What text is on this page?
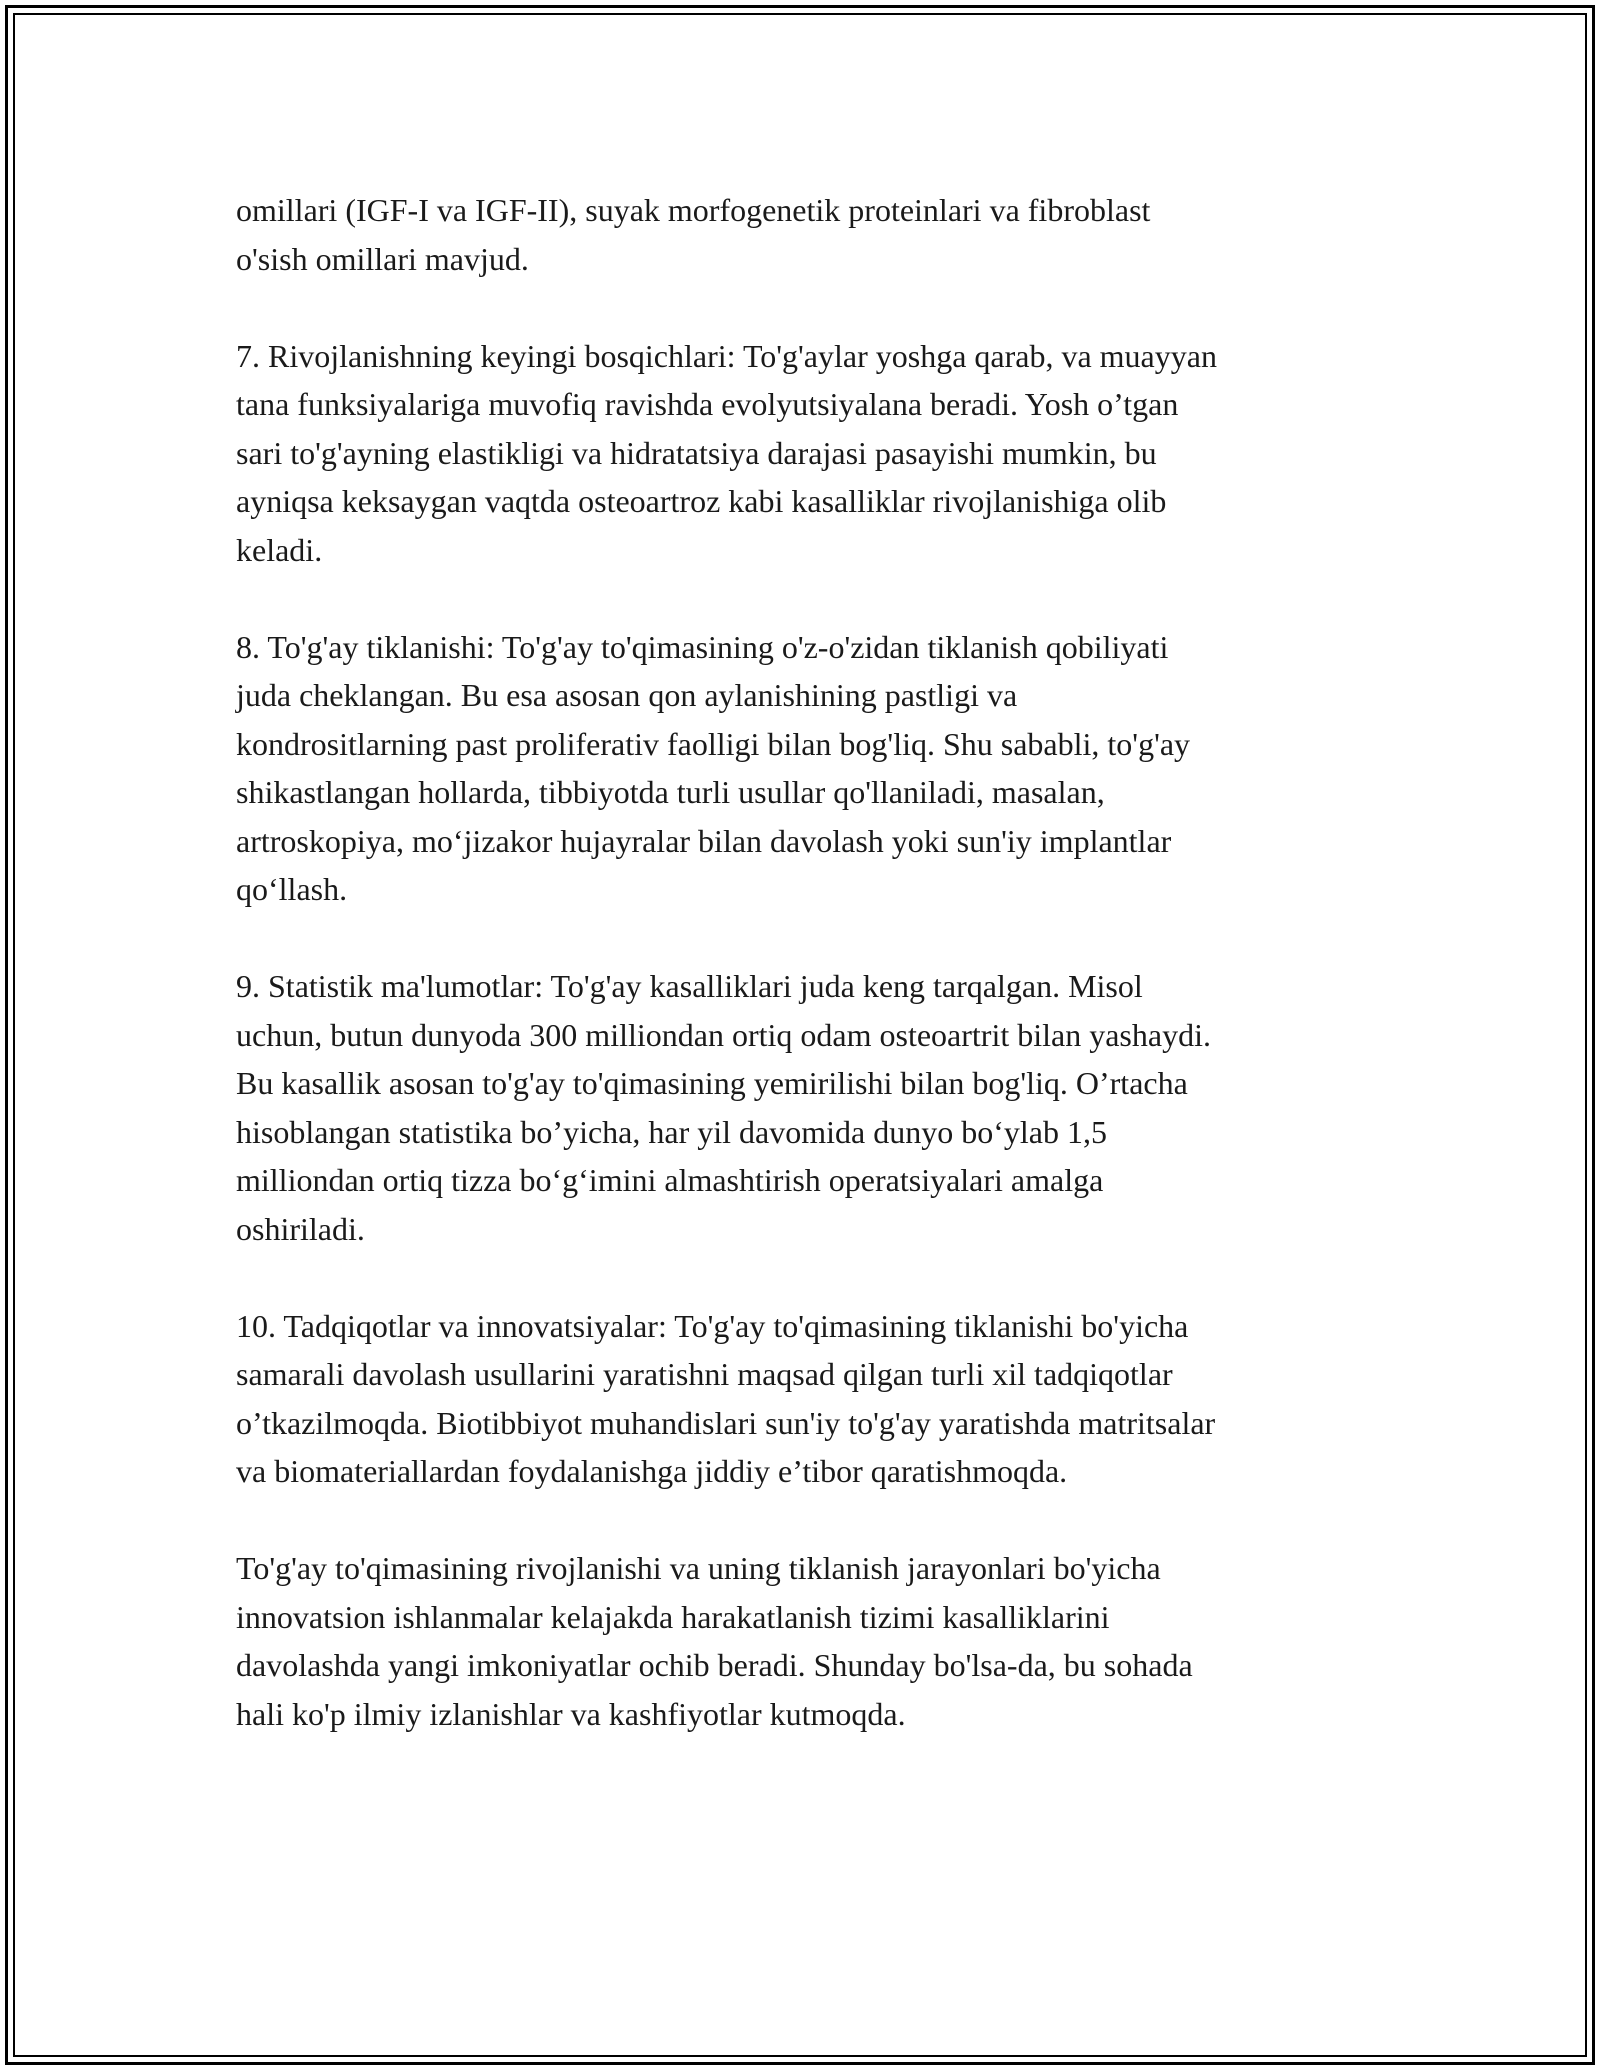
omillari (IGF-I va IGF-II), suyak morfogenetik proteinlari va fibroblast
o'sish omillari mavjud.

7. Rivojlanishning keyingi bosqichlari: To'g'aylar yoshga qarab, va muayyan
tana funksiyalariga muvofiq ravishda evolyutsiyalana beradi. Yosh o’tgan
sari to'g'ayning elastikligi va hidratatsiya darajasi pasayishi mumkin, bu
ayniqsa keksaygan vaqtda osteoartroz kabi kasalliklar rivojlanishiga olib
keladi.

8. To'g'ay tiklanishi: To'g'ay to'qimasining o'z-o'zidan tiklanish qobiliyati
juda cheklangan. Bu esa asosan qon aylanishining pastligi va
kondrositlarning past proliferativ faolligi bilan bog'liq. Shu sababli, to'g'ay
shikastlangan hollarda, tibbiyotda turli usullar qo'llaniladi, masalan,
artroskopiya, mo‘jizakor hujayralar bilan davolash yoki sun'iy implantlar
qo‘llash.

9. Statistik ma'lumotlar: To'g'ay kasalliklari juda keng tarqalgan. Misol
uchun, butun dunyoda 300 milliondan ortiq odam osteoartrit bilan yashaydi.
Bu kasallik asosan to'g'ay to'qimasining yemirilishi bilan bog'liq. O’rtacha
hisoblangan statistika bo’yicha, har yil davomida dunyo bo‘ylab 1,5
milliondan ortiq tizza bo‘g‘imini almashtirish operatsiyalari amalga
oshiriladi.

10. Tadqiqotlar va innovatsiyalar: To'g'ay to'qimasining tiklanishi bo'yicha
samarali davolash usullarini yaratishni maqsad qilgan turli xil tadqiqotlar
o’tkazilmoqda. Biotibbiyot muhandislari sun'iy to'g'ay yaratishda matritsalar
va biomateriallardan foydalanishga jiddiy e’tibor qaratishmoqda.

To'g'ay to'qimasining rivojlanishi va uning tiklanish jarayonlari bo'yicha
innovatsion ishlanmalar kelajakda harakatlanish tizimi kasalliklarini
davolashda yangi imkoniyatlar ochib beradi. Shunday bo'lsa-da, bu sohada
hali ko'p ilmiy izlanishlar va kashfiyotlar kutmoqda.
